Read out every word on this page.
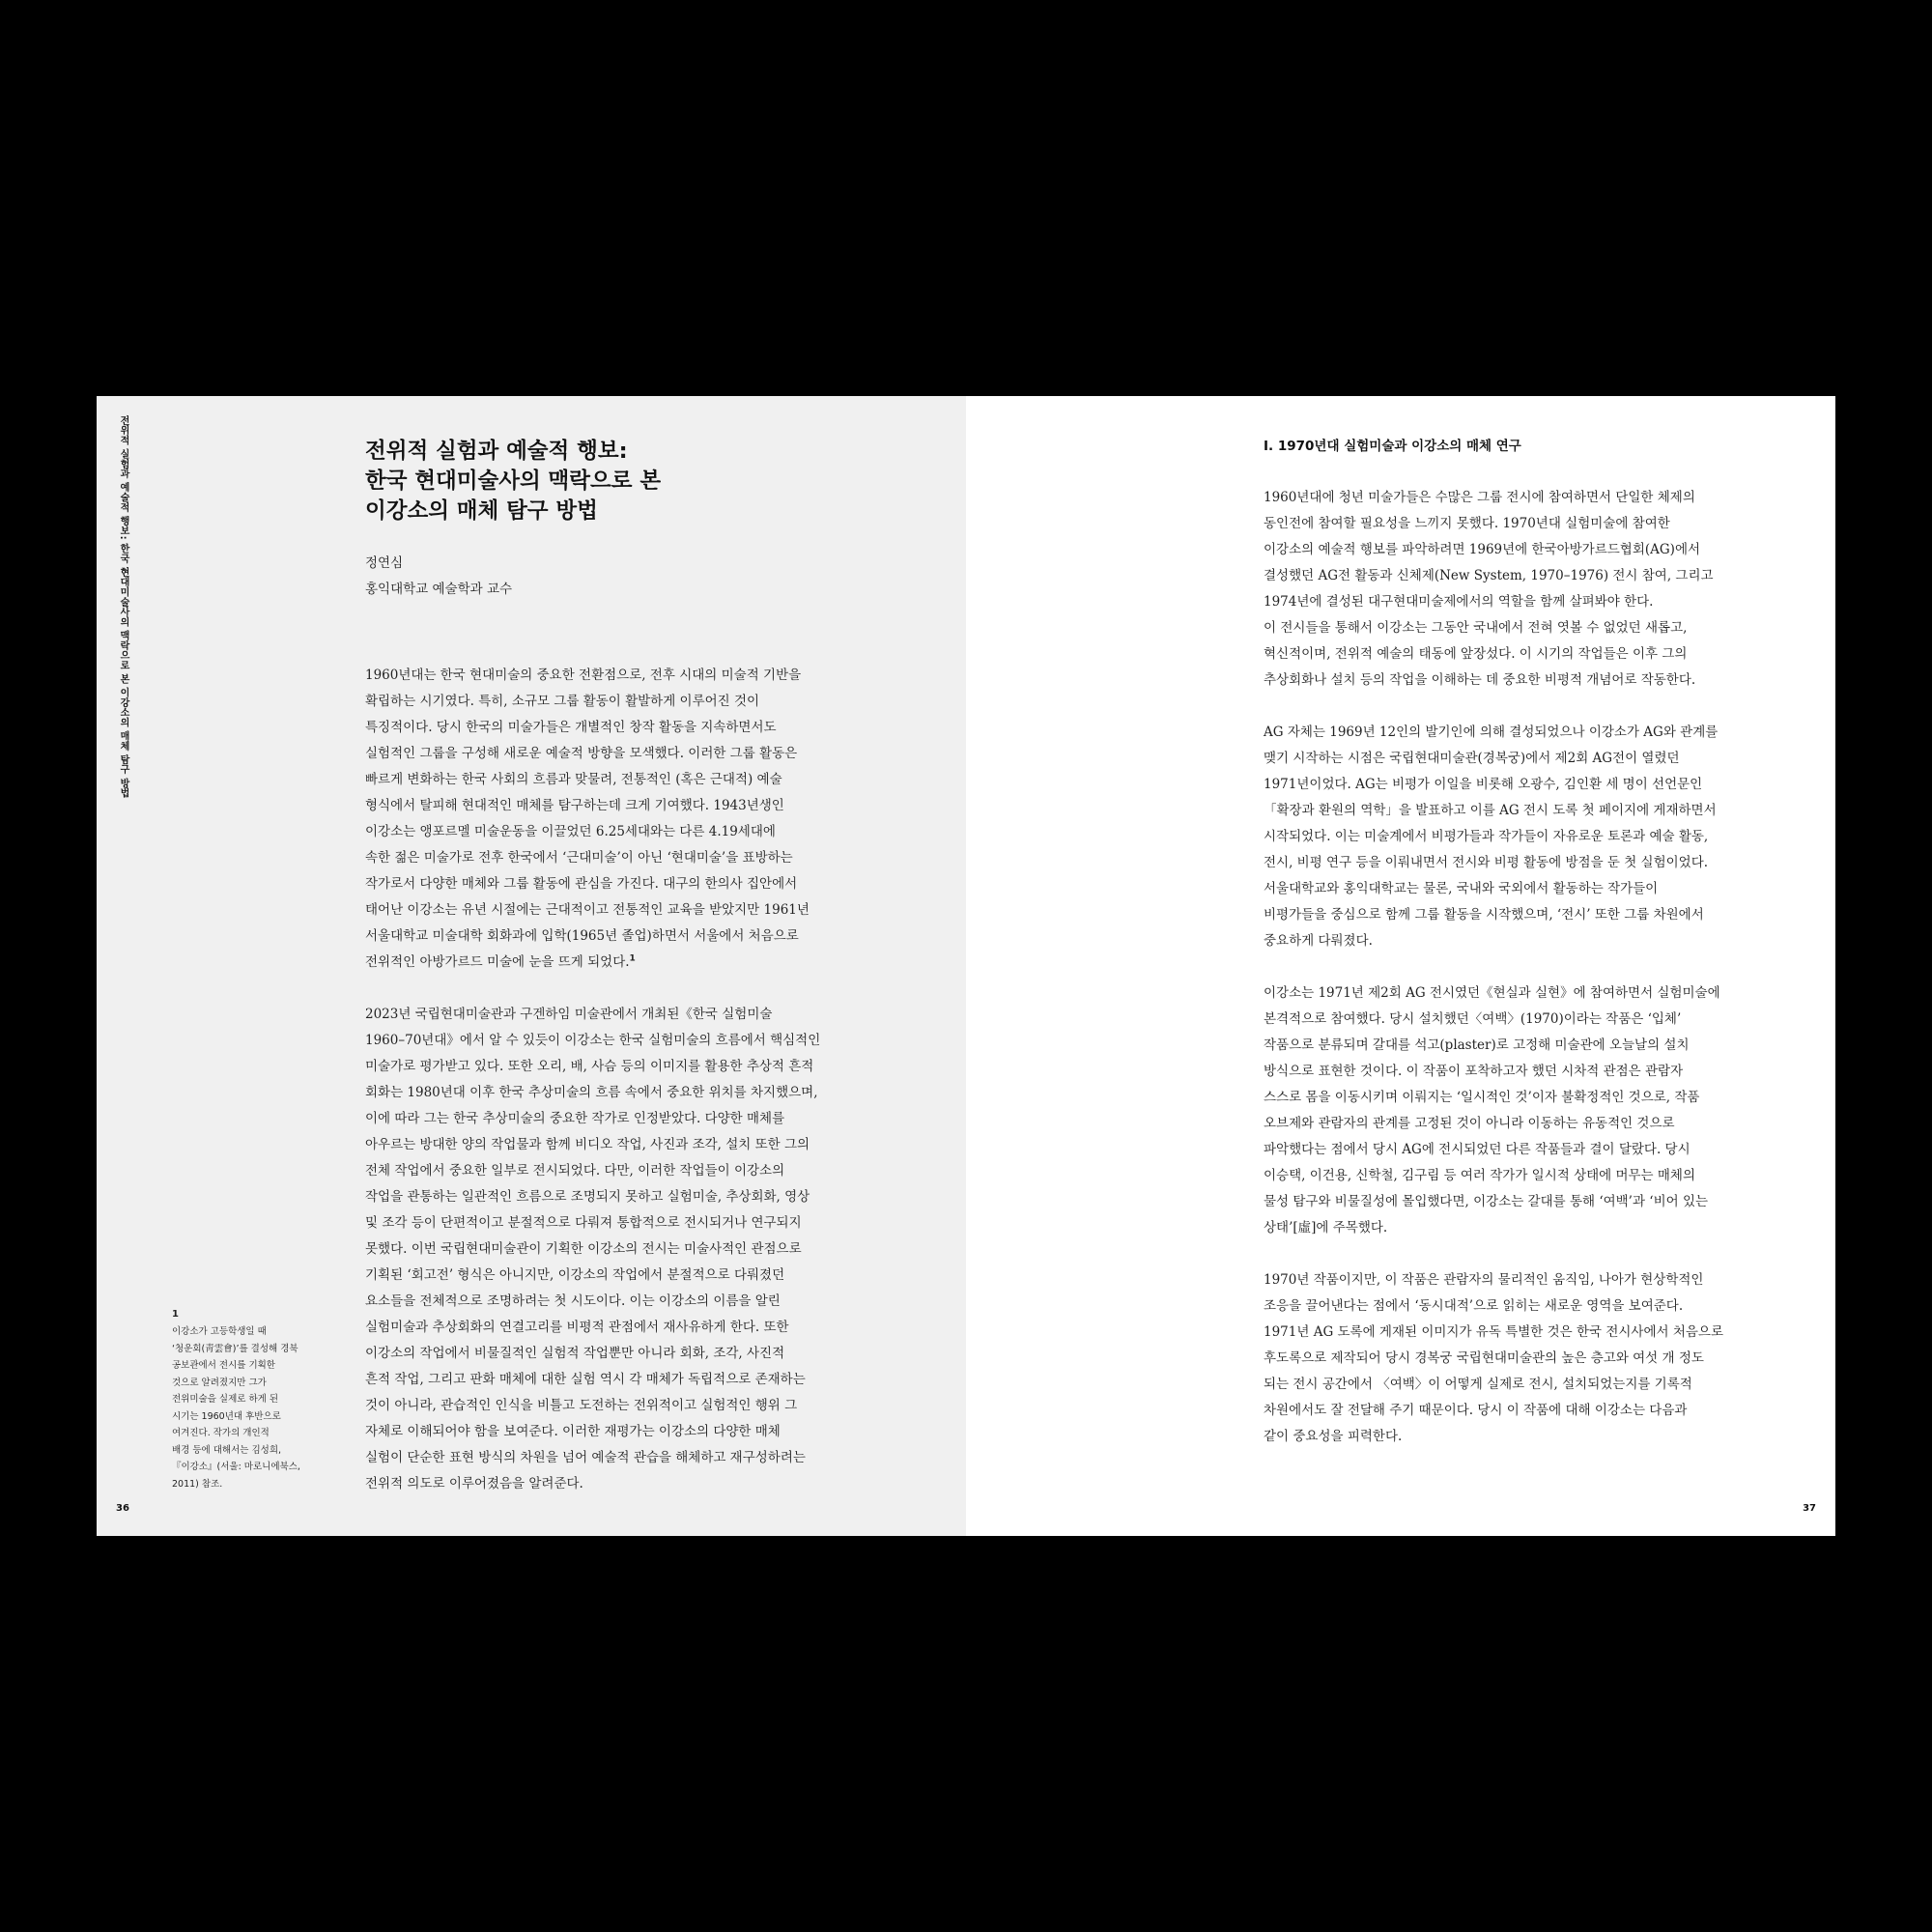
전위적 실험과 예술적 행보: 한국 현대미술사의 맥락으로 본 이강소의 매체 탐구 방법	전위적 실험과 예술적 행보:
한국 현대미술사의 맥락으로 본
이강소의 매체 탐구 방법
정연심
홍익대학교 예술학과 교수
1960년대는 한국 현대미술의 중요한 전환점으로, 전후 시대의 미술적 기반을
확립하는 시기였다. 특히, 소규모 그룹 활동이 활발하게 이루어진 것이
특징적이다. 당시 한국의 미술가들은 개별적인 창작 활동을 지속하면서도
실험적인 그룹을 구성해 새로운 예술적 방향을 모색했다. 이러한 그룹 활동은
빠르게 변화하는 한국 사회의 흐름과 맞물려, 전통적인 (혹은 근대적) 예술
형식에서 탈피해 현대적인 매체를 탐구하는데 크게 기여했다. 1943년생인
이강소는 앵포르멜 미술운동을 이끌었던 6.25세대와는 다른 4.19세대에
속한 젊은 미술가로 전후 한국에서 ‘근대미술’이 아닌 ‘현대미술’을 표방하는
작가로서 다양한 매체와 그룹 활동에 관심을 가진다. 대구의 한의사 집안에서
태어난 이강소는 유년 시절에는 근대적이고 전통적인 교육을 받았지만 1961년
서울대학교 미술대학 회화과에 입학(1965년 졸업)하면서 서울에서 처음으로
전위적인 아방가르드 미술에 눈을 뜨게 되었다.$^1$
2023년 국립현대미술관과 구겐하임 미술관에서 개최된《한국 실험미술
1960–70년대》에서 알 수 있듯이 이강소는 한국 실험미술의 흐름에서 핵심적인
미술가로 평가받고 있다. 또한 오리, 배, 사슴 등의 이미지를 활용한 추상적 흔적
회화는 1980년대 이후 한국 추상미술의 흐름 속에서 중요한 위치를 차지했으며,
이에 따라 그는 한국 추상미술의 중요한 작가로 인정받았다. 다양한 매체를
아우르는 방대한 양의 작업물과 함께 비디오 작업, 사진과 조각, 설치 또한 그의
전체 작업에서 중요한 일부로 전시되었다. 다만, 이러한 작업들이 이강소의
작업을 관통하는 일관적인 흐름으로 조명되지 못하고 실험미술, 추상회화, 영상
및 조각 등이 단편적이고 분절적으로 다뤄져 통합적으로 전시되거나 연구되지
못했다. 이번 국립현대미술관이 기획한 이강소의 전시는 미술사적인 관점으로
기획된 ‘회고전’ 형식은 아니지만, 이강소의 작업에서 분절적으로 다뤄졌던
요소들을 전체적으로 조명하려는 첫 시도이다. 이는 이강소의 이름을 알린
실험미술과 추상회화의 연결고리를 비평적 관점에서 재사유하게 한다. 또한
이강소의 작업에서 비물질적인 실험적 작업뿐만 아니라 회화, 조각, 사진적
흔적 작업, 그리고 판화 매체에 대한 실험 역시 각 매체가 독립적으로 존재하는
것이 아니라, 관습적인 인식을 비틀고 도전하는 전위적이고 실험적인 행위 그
자체로 이해되어야 함을 보여준다. 이러한 재평가는 이강소의 다양한 매체
실험이 단순한 표현 방식의 차원을 넘어 예술적 관습을 해체하고 재구성하려는
전위적 의도로 이루어졌음을 알려준다.
1
이강소가 고등학생일 때
‘청운회(靑雲會)’를 결성해 경북
공보관에서 전시를 기획한
것으로 알려졌지만 그가
전위미술을 실제로 하게 된
시기는 1960년대 후반으로
여겨진다. 작가의 개인적
배경 등에 대해서는 김성희,
『이강소』(서울: 마로니에북스,
2011) 참조.
36
I. 1970년대 실험미술과 이강소의 매체 연구
1960년대에 청년 미술가들은 수많은 그룹 전시에 참여하면서 단일한 체제의
동인전에 참여할 필요성을 느끼지 못했다. 1970년대 실험미술에 참여한
이강소의 예술적 행보를 파악하려면 1969년에 한국아방가르드협회(AG)에서
결성했던 AG전 활동과 신체제(New System, 1970–1976) 전시 참여, 그리고
1974년에 결성된 대구현대미술제에서의 역할을 함께 살펴봐야 한다.
이 전시들을 통해서 이강소는 그동안 국내에서 전혀 엿볼 수 없었던 새롭고,
혁신적이며, 전위적 예술의 태동에 앞장섰다. 이 시기의 작업들은 이후 그의
추상회화나 설치 등의 작업을 이해하는 데 중요한 비평적 개념어로 작동한다.
AG 자체는 1969년 12인의 발기인에 의해 결성되었으나 이강소가 AG와 관계를
맺기 시작하는 시점은 국립현대미술관(경복궁)에서 제2회 AG전이 열렸던
1971년이었다. AG는 비평가 이일을 비롯해 오광수, 김인환 세 명이 선언문인
「확장과 환원의 역학」을 발표하고 이를 AG 전시 도록 첫 페이지에 게재하면서
시작되었다. 이는 미술계에서 비평가들과 작가들이 자유로운 토론과 예술 활동,
전시, 비평 연구 등을 이뤄내면서 전시와 비평 활동에 방점을 둔 첫 실험이었다.
서울대학교와 홍익대학교는 물론, 국내와 국외에서 활동하는 작가들이
비평가들을 중심으로 함께 그룹 활동을 시작했으며, ‘전시’ 또한 그룹 차원에서
중요하게 다뤄졌다.
이강소는 1971년 제2회 AG 전시였던《현실과 실현》에 참여하면서 실험미술에
본격적으로 참여했다. 당시 설치했던〈여백〉(1970)이라는 작품은 ‘입체’
작품으로 분류되며 갈대를 석고(plaster)로 고정해 미술관에 오늘날의 설치
방식으로 표현한 것이다. 이 작품이 포착하고자 했던 시차적 관점은 관람자
스스로 몸을 이동시키며 이뤄지는 ‘일시적인 것’이자 불확정적인 것으로, 작품
오브제와 관람자의 관계를 고정된 것이 아니라 이동하는 유동적인 것으로
파악했다는 점에서 당시 AG에 전시되었던 다른 작품들과 결이 달랐다. 당시
이승택, 이건용, 신학철, 김구림 등 여러 작가가 일시적 상태에 머무는 매체의
물성 탐구와 비물질성에 몰입했다면, 이강소는 갈대를 통해 ‘여백’과 ‘비어 있는
상태’[虛]에 주목했다.
1970년 작품이지만, 이 작품은 관람자의 물리적인 움직임, 나아가 현상학적인
조응을 끌어낸다는 점에서 ‘동시대적’으로 읽히는 새로운 영역을 보여준다.
1971년 AG 도록에 게재된 이미지가 유독 특별한 것은 한국 전시사에서 처음으로
후도록으로 제작되어 당시 경복궁 국립현대미술관의 높은 층고와 여섯 개 정도
되는 전시 공간에서 〈여백〉이 어떻게 실제로 전시, 설치되었는지를 기록적
차원에서도 잘 전달해 주기 때문이다. 당시 이 작품에 대해 이강소는 다음과
같이 중요성을 피력한다.
37
